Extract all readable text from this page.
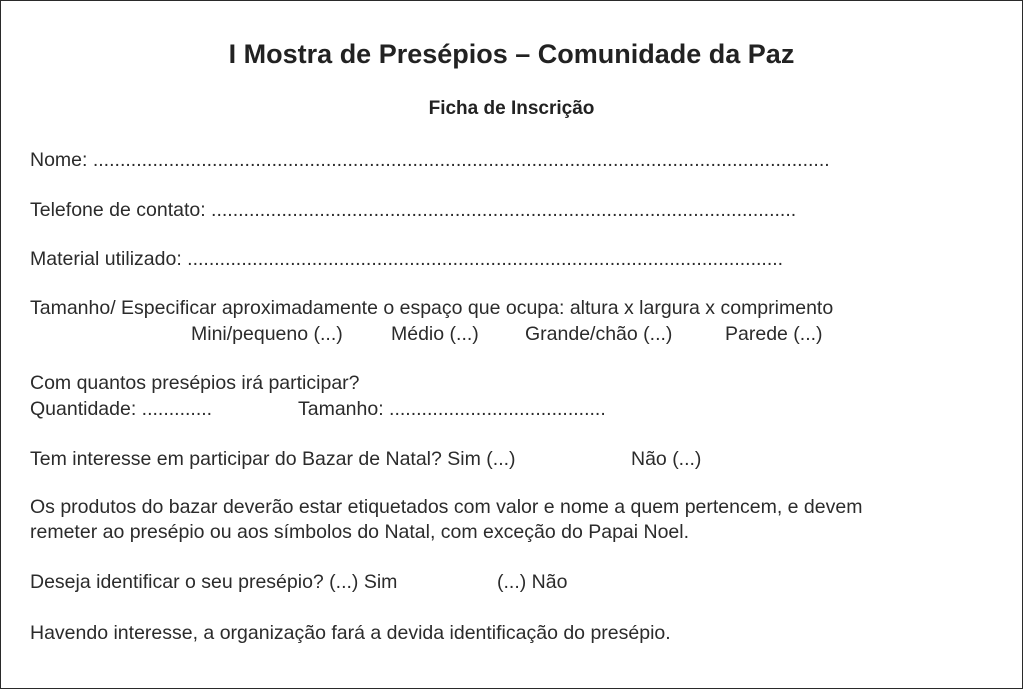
I Mostra de Presépios – Comunidade da Paz
Ficha de Inscrição
Nome: ........................................................................................................................................
Telefone de contato: ............................................................................................................
Material utilizado: ..............................................................................................................
Tamanho/ Especificar aproximadamente o espaço que ocupa: altura x largura x comprimento
Mini/pequeno (...) Médio (...) Grande/chão (...)	Parede (...)
Com quantos presépios irá participar?
Quantidade: .............	Tamanho: ........................................
Tem interesse em participar do Bazar de Natal? Sim (...)	Não (...)
Os produtos do bazar deverão estar etiquetados com valor e nome a quem pertencem, e devem
remeter ao presépio ou aos símbolos do Natal, com exceção do Papai Noel.
Deseja identificar o seu presépio? (...) Sim	(...) Não
Havendo interesse, a organização fará a devida identificação do presépio.
